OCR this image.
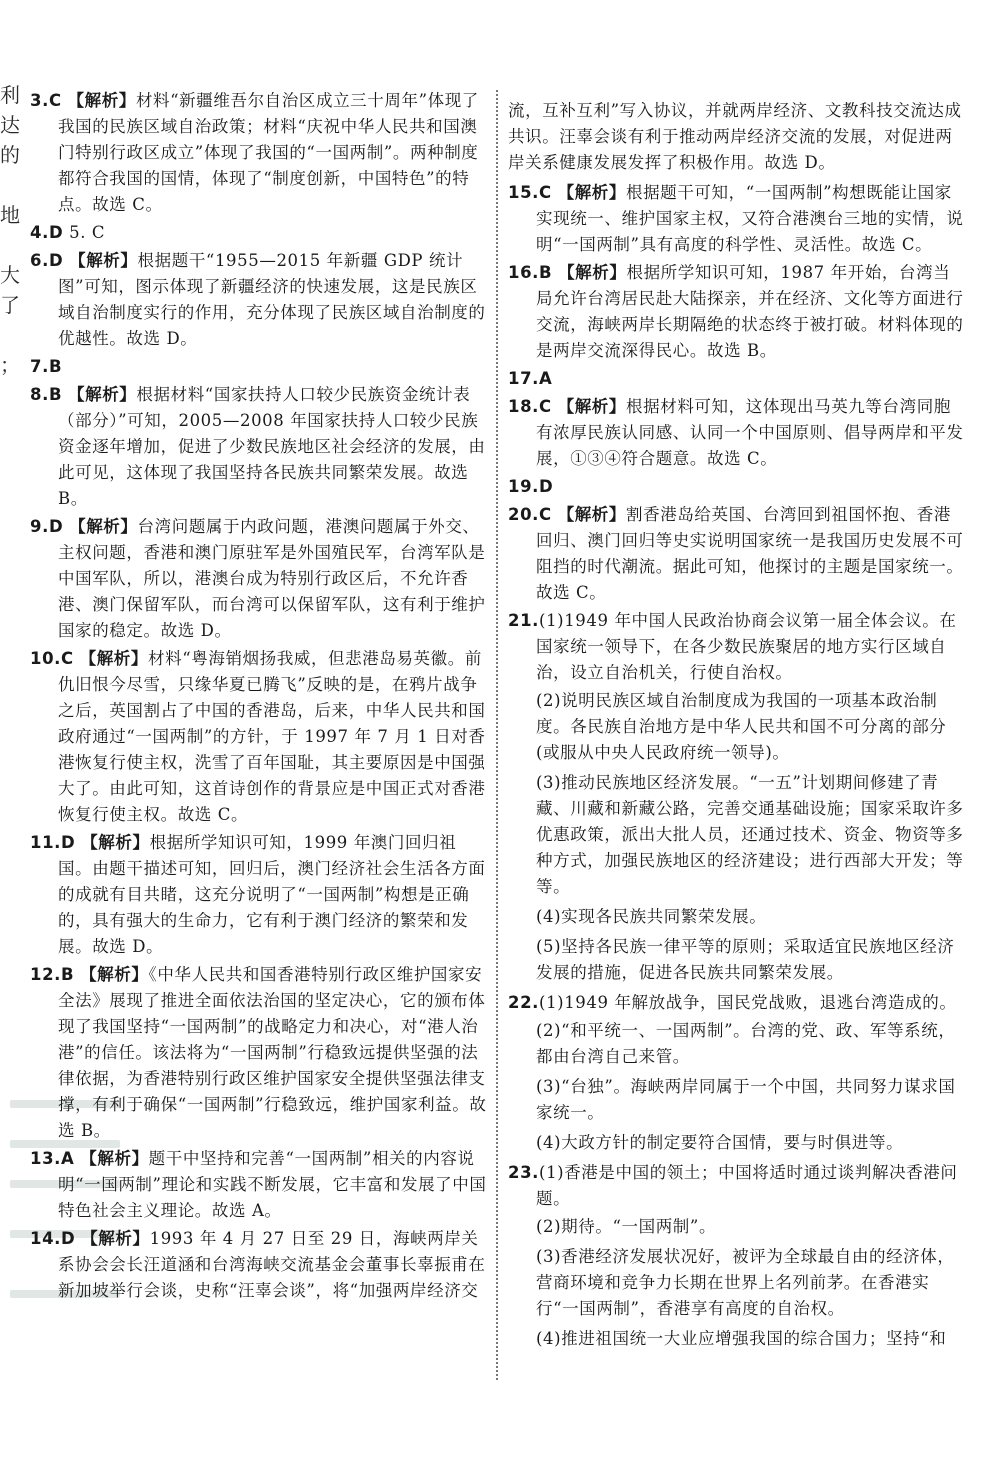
利
达
的
地
大
了
；

3.C 【解析】材料“新疆维吾尔自治区成立三十周年”体现了我国的民族区域自治政策；材料“庆祝中华人民共和国澳门特别行政区成立”体现了我国的“一国两制”。两种制度都符合我国的国情，体现了“制度创新，中国特色”的特点。故选 C。

4.D 5. C

6.D 【解析】根据题干“1955—2015 年新疆 GDP 统计图”可知，图示体现了新疆经济的快速发展，这是民族区域自治制度实行的作用，充分体现了民族区域自治制度的优越性。故选 D。

7.B

8.B 【解析】根据材料“国家扶持人口较少民族资金统计表（部分）”可知，2005—2008 年国家扶持人口较少民族资金逐年增加，促进了少数民族地区社会经济的发展，由此可见，这体现了我国坚持各民族共同繁荣发展。故选 B。

9.D 【解析】台湾问题属于内政问题，港澳问题属于外交、主权问题，香港和澳门原驻军是外国殖民军，台湾军队是中国军队，所以，港澳台成为特别行政区后，不允许香港、澳门保留军队，而台湾可以保留军队，这有利于维护国家的稳定。故选 D。

10.C 【解析】材料“粤海销烟扬我威，但悲港岛易英徽。前仇旧恨今尽雪，只缘华夏已腾飞”反映的是，在鸦片战争之后，英国割占了中国的香港岛，后来，中华人民共和国政府通过“一国两制”的方针，于 1997 年 7 月 1 日对香港恢复行使主权，洗雪了百年国耻，其主要原因是中国强大了。由此可知，这首诗创作的背景应是中国正式对香港恢复行使主权。故选 C。

11.D 【解析】根据所学知识可知，1999 年澳门回归祖国。由题干描述可知，回归后，澳门经济社会生活各方面的成就有目共睹，这充分说明了“一国两制”构想是正确的，具有强大的生命力，它有利于澳门经济的繁荣和发展。故选 D。

12.B 【解析】《中华人民共和国香港特别行政区维护国家安全法》展现了推进全面依法治国的坚定决心，它的颁布体现了我国坚持“一国两制”的战略定力和决心，对“港人治港”的信任。该法将为“一国两制”行稳致远提供坚强的法律依据，为香港特别行政区维护国家安全提供坚强法律支撑，有利于确保“一国两制”行稳致远，维护国家利益。故选 B。

13.A 【解析】题干中坚持和完善“一国两制”相关的内容说明“一国两制”理论和实践不断发展，它丰富和发展了中国特色社会主义理论。故选 A。

14.D 【解析】1993 年 4 月 27 日至 29 日，海峡两岸关系协会会长汪道涵和台湾海峡交流基金会董事长辜振甫在新加坡举行会谈，史称“汪辜会谈”，将“加强两岸经济交

流，互补互利”写入协议，并就两岸经济、文教科技交流达成共识。汪辜会谈有利于推动两岸经济交流的发展，对促进两岸关系健康发展发挥了积极作用。故选 D。

15.C 【解析】根据题干可知，“一国两制”构想既能让国家实现统一、维护国家主权，又符合港澳台三地的实情，说明“一国两制”具有高度的科学性、灵活性。故选 C。

16.B 【解析】根据所学知识可知，1987 年开始，台湾当局允许台湾居民赴大陆探亲，并在经济、文化等方面进行交流，海峡两岸长期隔绝的状态终于被打破。材料体现的是两岸交流深得民心。故选 B。

17.A

18.C 【解析】根据材料可知，这体现出马英九等台湾同胞有浓厚民族认同感、认同一个中国原则、倡导两岸和平发展，①③④符合题意。故选 C。

19.D

20.C 【解析】割香港岛给英国、台湾回到祖国怀抱、香港回归、澳门回归等史实说明国家统一是我国历史发展不可阻挡的时代潮流。据此可知，他探讨的主题是国家统一。故选 C。

21.(1)1949 年中国人民政治协商会议第一届全体会议。在国家统一领导下，在各少数民族聚居的地方实行区域自治，设立自治机关，行使自治权。

(2)说明民族区域自治制度成为我国的一项基本政治制度。各民族自治地方是中华人民共和国不可分离的部分(或服从中央人民政府统一领导)。

(3)推动民族地区经济发展。“一五”计划期间修建了青藏、川藏和新藏公路，完善交通基础设施；国家采取许多优惠政策，派出大批人员，还通过技术、资金、物资等多种方式，加强民族地区的经济建设；进行西部大开发；等等。

(4)实现各民族共同繁荣发展。

(5)坚持各民族一律平等的原则；采取适宜民族地区经济发展的措施，促进各民族共同繁荣发展。

22.(1)1949 年解放战争，国民党战败，退逃台湾造成的。

(2)“和平统一、一国两制”。台湾的党、政、军等系统，都由台湾自己来管。

(3)“台独”。海峡两岸同属于一个中国，共同努力谋求国家统一。

(4)大政方针的制定要符合国情，要与时俱进等。

23.(1)香港是中国的领土；中国将适时通过谈判解决香港问题。

(2)期待。“一国两制”。

(3)香港经济发展状况好，被评为全球最自由的经济体，营商环境和竞争力长期在世界上名列前茅。在香港实行“一国两制”，香港享有高度的自治权。

(4)推进祖国统一大业应增强我国的综合国力；坚持“和
